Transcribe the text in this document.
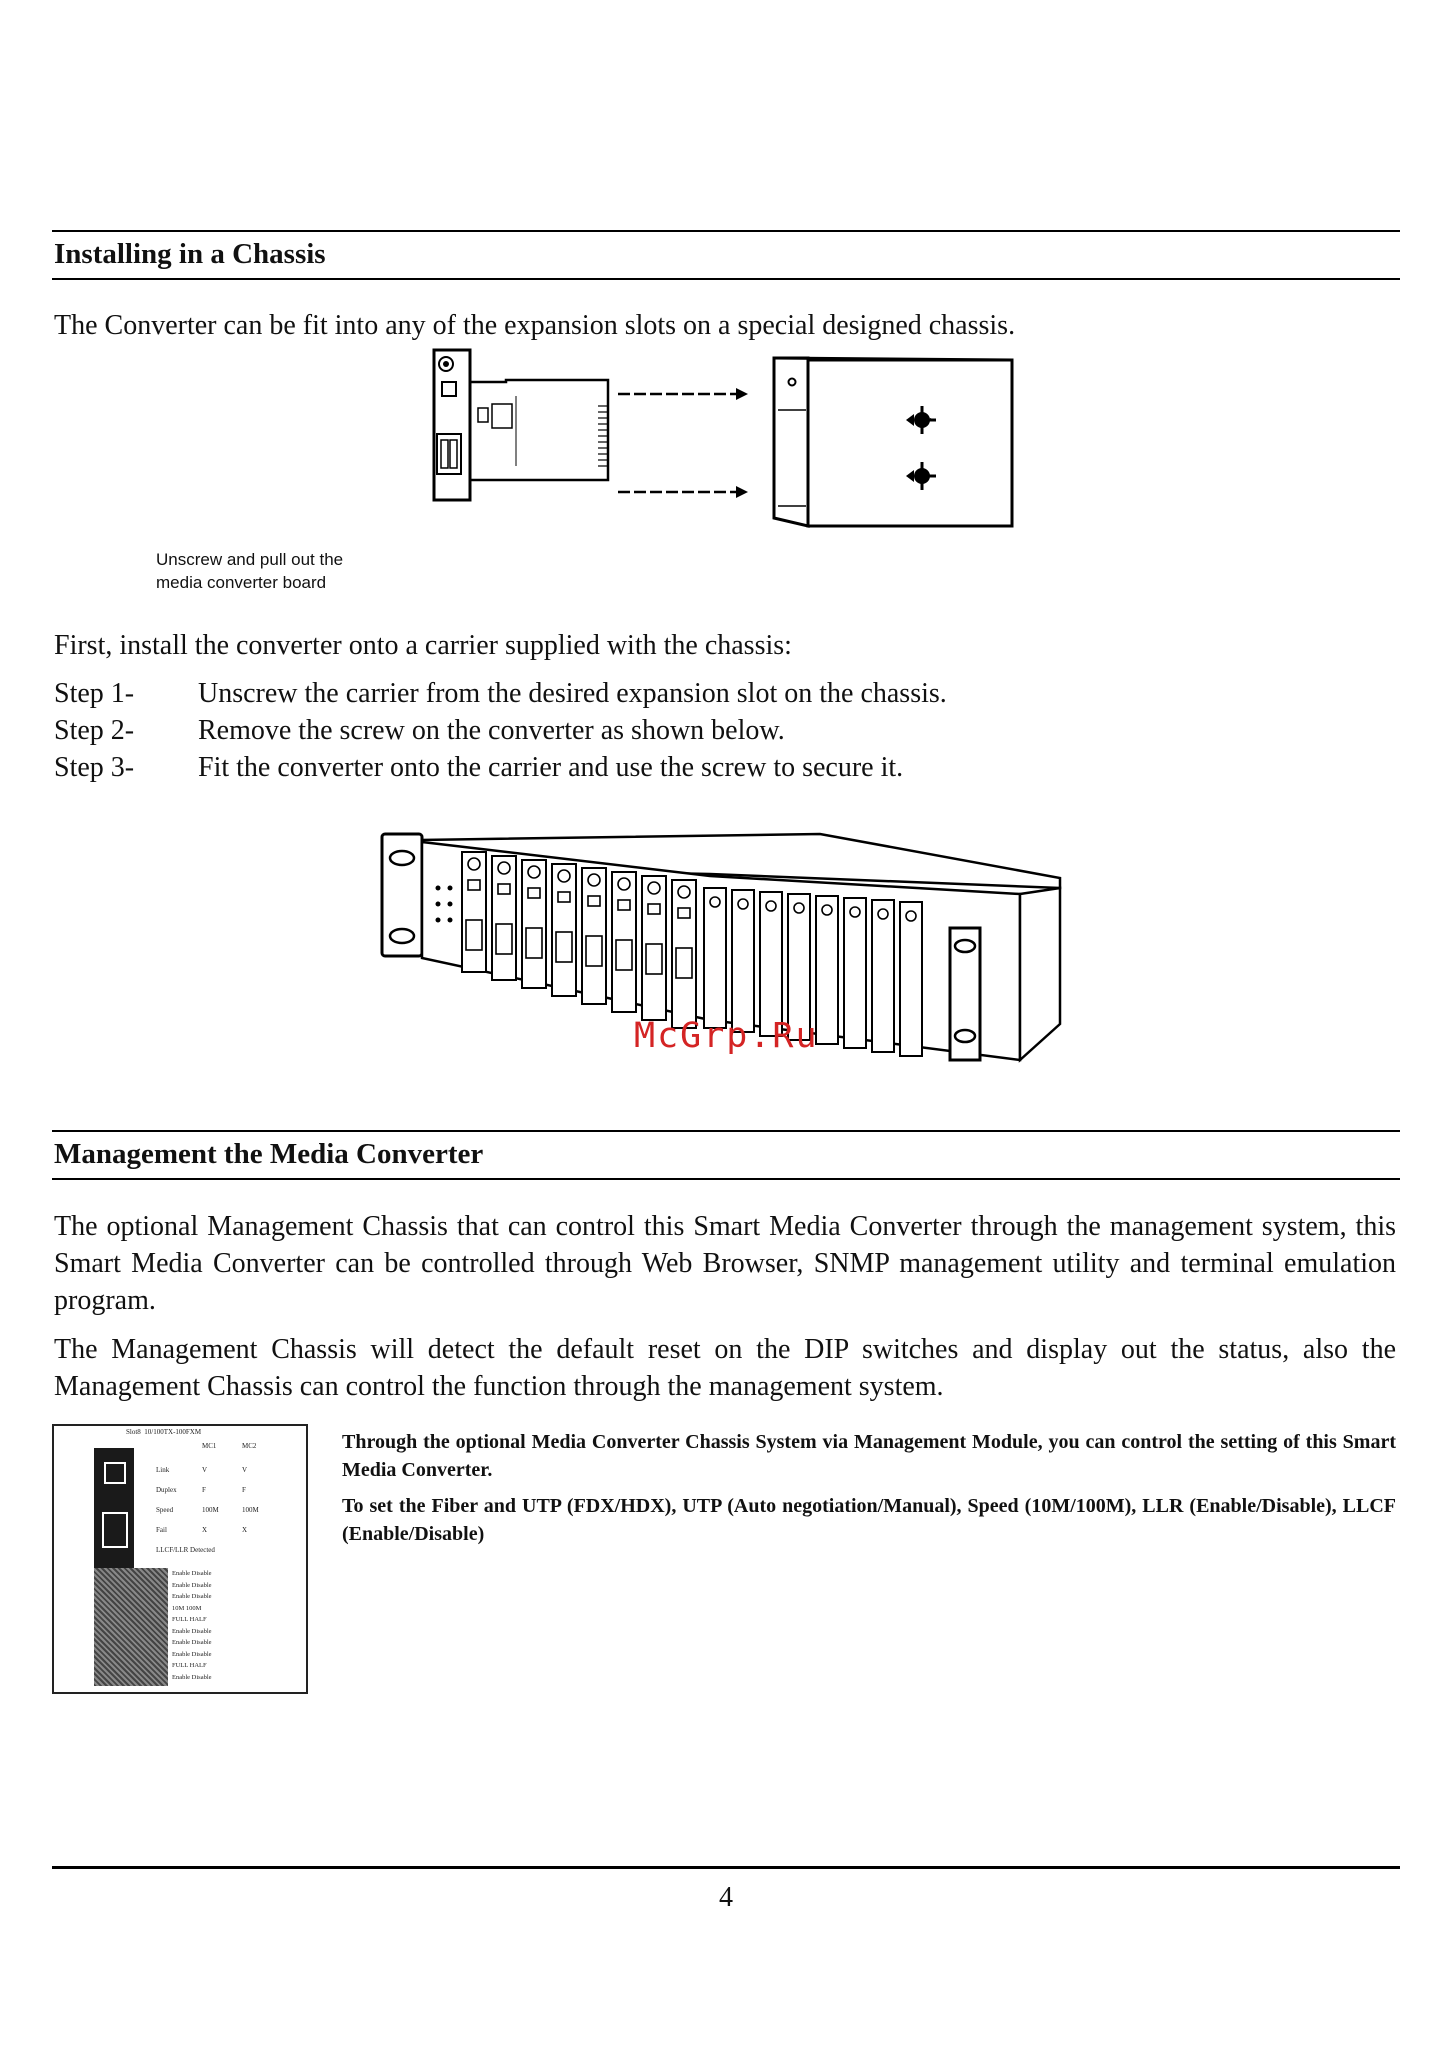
Installing in a Chassis

The Converter can be fit into any of the expansion slots on a special designed chassis.

Unscrew and pull out the
media converter board

First, install the converter onto a carrier supplied with the chassis:

Step 1- Unscrew the carrier from the desired expansion slot on the chassis.
Step 2- Remove the screw on the converter as shown below.
Step 3- Fit the converter onto the carrier and use the screw to secure it.
McGrp.Ru
Management the Media Converter

The optional Management Chassis that can control this Smart Media Converter through the management system, this Smart Media Converter can be controlled through Web Browser, SNMP management utility and terminal emulation program.

The Management Chassis will detect the default reset on the DIP switches and display out the status, also the Management Chassis can control the function through the management system.

Slot8 10/100TX-100FXM
MC1	MC2
Link	V	V
Duplex	F	F
Speed	100M	100M
Fail	X	X
LLCF/LLR Detected
Enable Disable
Enable Disable
Enable Disable
10M 100M
FULL HALF
Enable Disable
Enable Disable
Enable Disable
FULL HALF
Enable Disable

Through the optional Media Converter Chassis System via Management Module, you can control the setting of this Smart Media Converter.

To set the Fiber and UTP (FDX/HDX), UTP (Auto negotiation/Manual), Speed (10M/100M), LLR (Enable/Disable), LLCF (Enable/Disable)

4
